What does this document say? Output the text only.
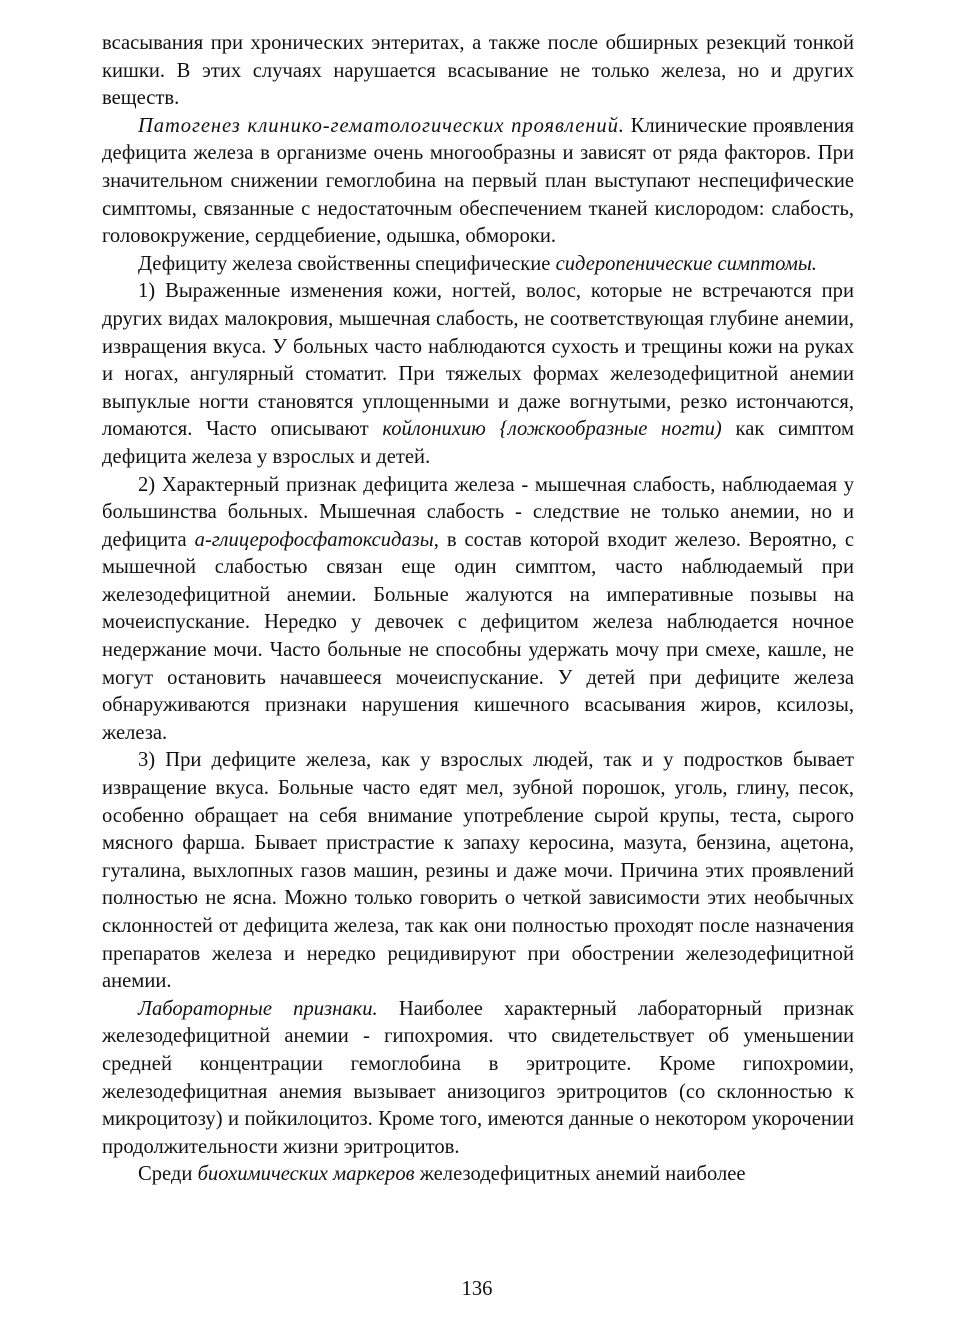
всасывания при хронических энтеритах, а также после обширных резекций тонкой кишки. В этих случаях нарушается всасывание не только железа, но и других веществ.

Патогенез клинико-гематологических проявлений. Клинические проявления дефицита железа в организме очень многообразны и зависят от ряда факторов. При значительном снижении гемоглобина на первый план выступают неспецифические симптомы, связанные с недостаточным обеспечением тканей кислородом: слабость, головокружение, сердцебиение, одышка, обмороки.

Дефициту железа свойственны специфические сидеропенические симптомы.

1) Выраженные изменения кожи, ногтей, волос, которые не встречаются при других видах малокровия, мышечная слабость, не соответствующая глубине анемии, извращения вкуса. У больных часто наблюдаются сухость и трещины кожи на руках и ногах, ангулярный стоматит. При тяжелых формах железодефицитной анемии выпуклые ногти становятся уплощенными и даже вогнутыми, резко истончаются, ломаются. Часто описывают койлонихию {ложкообразные ногти) как симптом дефицита железа у взрослых и детей.

2) Характерный признак дефицита железа - мышечная слабость, наблюдаемая у большинства больных. Мышечная слабость - следствие не только анемии, но и дефицита а-глицерофосфатоксидазы, в состав которой входит железо. Вероятно, с мышечной слабостью связан еще один симптом, часто наблюдаемый при железодефицитной анемии. Больные жалуются на императивные позывы на мочеиспускание. Нередко у девочек с дефицитом железа наблюдается ночное недержание мочи. Часто больные не способны удержать мочу при смехе, кашле, не могут остановить начавшееся мочеиспускание. У детей при дефиците железа обнаруживаются признаки нарушения кишечного всасывания жиров, ксилозы, железа.

3) При дефиците железа, как у взрослых людей, так и у подростков бывает извращение вкуса. Больные часто едят мел, зубной порошок, уголь, глину, песок, особенно обращает на себя внимание употребление сырой крупы, теста, сырого мясного фарша. Бывает пристрастие к запаху керосина, мазута, бензина, ацетона, гуталина, выхлопных газов машин, резины и даже мочи. Причина этих проявлений полностью не ясна. Можно только говорить о четкой зависимости этих необычных склонностей от дефицита железа, так как они полностью проходят после назначения препаратов железа и нередко рецидивируют при обострении железодефицитной анемии.

Лабораторные признаки. Наиболее характерный лабораторный признак железодефицитной анемии - гипохромия. что свидетельствует об уменьшении средней концентрации гемоглобина в эритроците. Кроме гипохромии, железодефицитная анемия вызывает анизоцигоз эритроцитов (со склонностью к микроцитозу) и пойкилоцитоз. Кроме того, имеются данные о некотором укорочении продолжительности жизни эритроцитов.

Среди биохимических маркеров железодефицитных анемий наиболее

136
